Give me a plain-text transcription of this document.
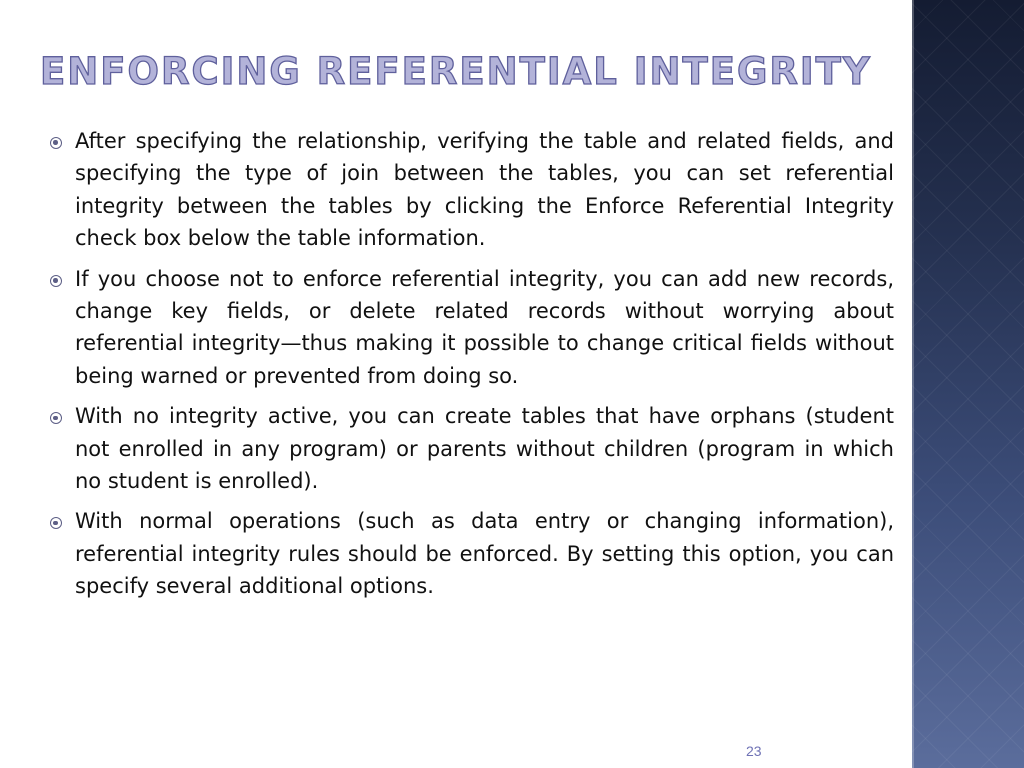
ENFORCING REFERENTIAL INTEGRITY
After specifying the relationship, verifying the table and related fields, and specifying the type of join between the tables, you can set referential integrity between the tables by clicking the Enforce Referential Integrity check box below the table information.
If you choose not to enforce referential integrity, you can add new records, change key fields, or delete related records without worrying about referential integrity—thus making it possible to change critical fields without being warned or prevented from doing so.
With no integrity active, you can create tables that have orphans (student not enrolled in any program) or parents without children (program in which no student is enrolled).
With normal operations (such as data entry or changing information), referential integrity rules should be enforced. By setting this option, you can specify several additional options.
23
